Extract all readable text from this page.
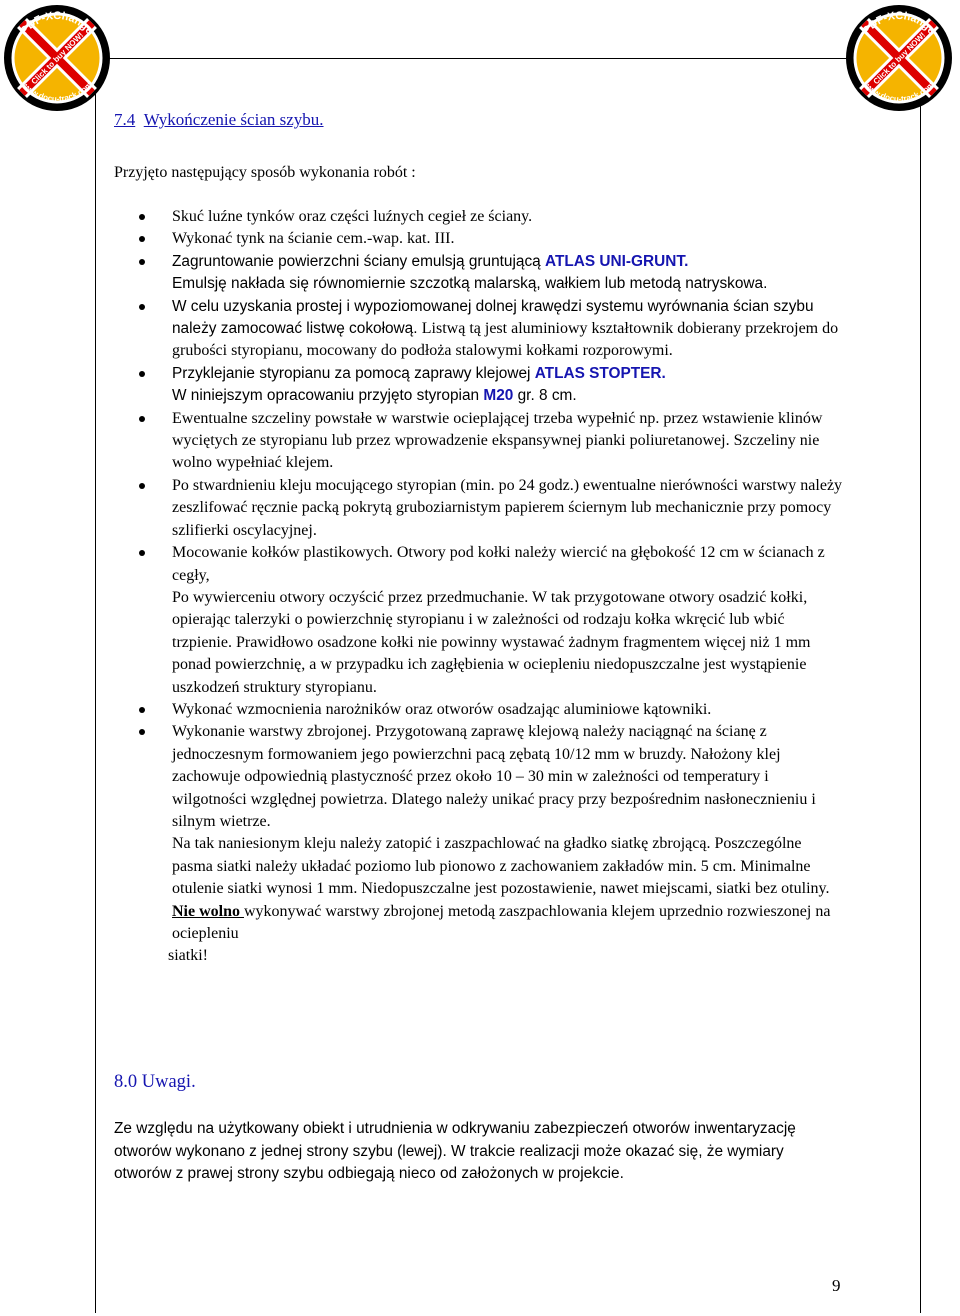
PDF-XChange
www.docu-track.com
Click to buy NOW!
PDF-XChange
www.docu-track.com
Click to buy NOW!
7.4 Wykończenie ścian szybu.

Przyjęto następujący sposób wykonania robót :

Skuć luźne tynków oraz części luźnych cegieł ze ściany.
Wykonać tynk na ścianie cem.-wap. kat. III.
Zagruntowanie powierzchni ściany emulsją gruntującą ATLAS UNI-GRUNT.
Emulsję nakłada się równomiernie szczotką malarską, wałkiem lub metodą natryskowa.
W celu uzyskania prostej i wypoziomowanej dolnej krawędzi systemu wyrównania ścian szybu należy zamocować listwę cokołową. Listwą tą jest aluminiowy kształtownik dobierany przekrojem do grubości styropianu, mocowany do podłoża stalowymi kołkami rozporowymi.
Przyklejanie styropianu za pomocą zaprawy klejowej ATLAS STOPTER.
W niniejszym opracowaniu przyjęto styropian M20 gr. 8 cm.
Ewentualne szczeliny powstałe w warstwie ocieplającej trzeba wypełnić np. przez wstawienie klinów wyciętych ze styropianu lub przez wprowadzenie ekspansywnej pianki poliuretanowej. Szczeliny nie wolno wypełniać klejem.
Po stwardnieniu kleju mocującego styropian (min. po 24 godz.) ewentualne nierówności warstwy należy zeszlifować ręcznie packą pokrytą gruboziarnistym papierem ściernym lub mechanicznie przy pomocy szlifierki oscylacyjnej.
Mocowanie kołków plastikowych. Otwory pod kołki należy wiercić na głębokość 12 cm w ścianach z cegły,
Po wywierceniu otwory oczyścić przez przedmuchanie. W tak przygotowane otwory osadzić kołki, opierając talerzyki o powierzchnię styropianu i w zależności od rodzaju kołka wkręcić lub wbić trzpienie. Prawidłowo osadzone kołki nie powinny wystawać żadnym fragmentem więcej niż 1 mm ponad powierzchnię, a w przypadku ich zagłębienia w ociepleniu niedopuszczalne jest wystąpienie uszkodzeń struktury styropianu.
Wykonać wzmocnienia narożników oraz otworów osadzając aluminiowe kątowniki.
Wykonanie warstwy zbrojonej. Przygotowaną zaprawę klejową należy naciągnąć na ścianę z jednoczesnym formowaniem jego powierzchni pacą zębatą 10/12 mm w bruzdy. Nałożony klej zachowuje odpowiednią plastyczność przez około 10 – 30 min w zależności od temperatury i wilgotności względnej powietrza. Dlatego należy unikać pracy przy bezpośrednim nasłonecznieniu i silnym wietrze.
Na tak naniesionym kleju należy zatopić i zaszpachlować na gładko siatkę zbrojącą. Poszczególne pasma siatki należy układać poziomo lub pionowo z zachowaniem zakładów min. 5 cm. Minimalne otulenie siatki wynosi 1 mm. Niedopuszczalne jest pozostawienie, nawet miejscami, siatki bez otuliny. Nie wolno wykonywać warstwy zbrojonej metodą zaszpachlowania klejem uprzednio rozwieszonej na ociepleniu
siatki!
8.0 Uwagi.

Ze względu na użytkowany obiekt i utrudnienia w odkrywaniu zabezpieczeń otworów inwentaryzację otworów wykonano z jednej strony szybu (lewej). W trakcie realizacji może okazać się, że wymiary otworów z prawej strony szybu odbiegają nieco od założonych w projekcie.

9
